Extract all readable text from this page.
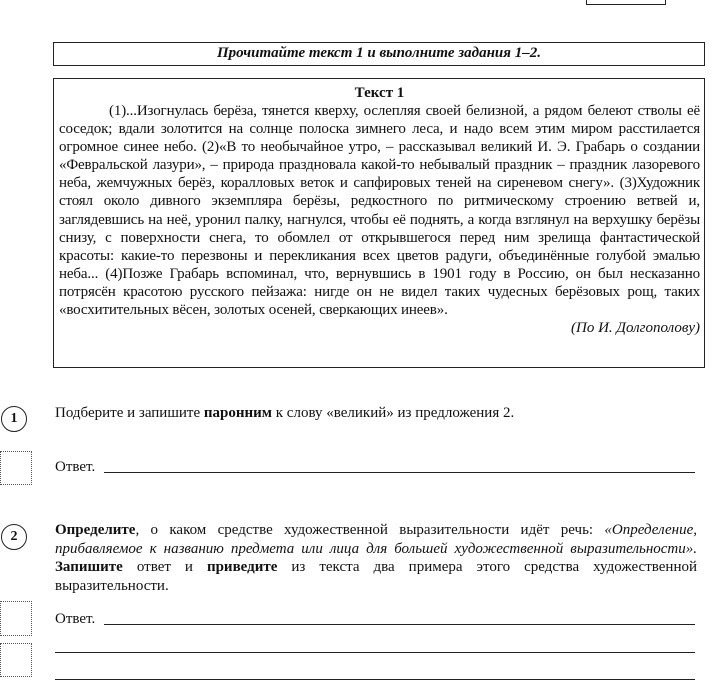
Прочитайте текст 1 и выполните задания 1–2.
Текст 1

(1)...Изогнулась берёза, тянется кверху, ослепляя своей белизной, а рядом белеют стволы её соседок; вдали золотится на солнце полоска зимнего леса, и надо всем этим миром расстилается огромное синее небо. (2)«В то необычайное утро, – рассказывал великий И. Э. Грабарь о создании «Февральской лазури», – природа праздновала какой-то небывалый праздник – праздник лазоревого неба, жемчужных берёз, коралловых веток и сапфировых теней на сиреневом снегу». (3)Художник стоял около дивного экземпляра берёзы, редкостного по ритмическому строению ветвей и, заглядевшись на неё, уронил палку, нагнулся, чтобы её поднять, а когда взглянул на верхушку берёзы снизу, с поверхности снега, то обомлел от открывшегося перед ним зрелища фантастической красоты: какие-то перезвоны и перекликания всех цветов радуги, объединённые голубой эмалью неба... (4)Позже Грабарь вспоминал, что, вернувшись в 1901 году в Россию, он был несказанно потрясён красотою русского пейзажа: нигде он не видел таких чудесных берёзовых рощ, таких «восхитительных вёсен, золотых осеней, сверкающих инеев».

(По И. Долгополову)
1	Подберите и запишите паронним к слову «великий» из предложения 2.
Ответ.
2	Определите, о каком средстве художественной выразительности идёт речь: «Определение, прибавляемое к названию предмета или лица для большей художественной выразительности». Запишите ответ и приведите из текста два примера этого средства художественной выразительности.
Ответ.
